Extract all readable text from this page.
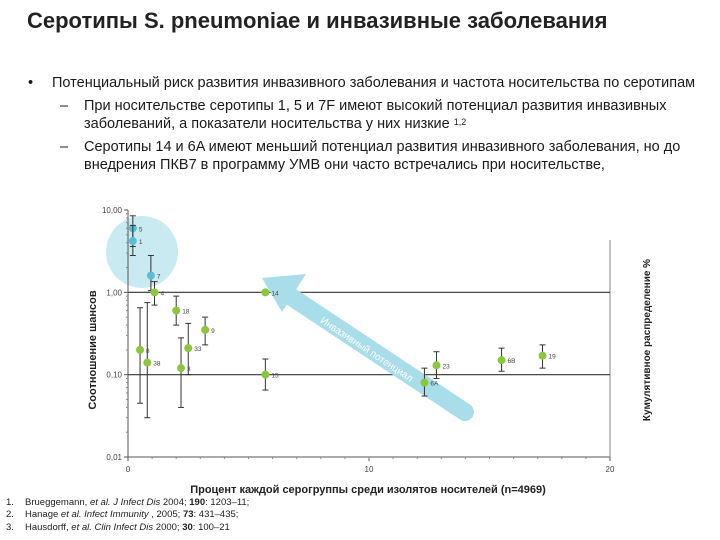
Серотипы S. pneumoniae и инвазивные заболевания
• Потенциальный риск развития инвазивного заболевания и частота носительства по серотипам
– При носительстве серотипы 1, 5 и 7F имеют высокий потенциал развития инвазивных заболеваний, а показатели носительства у них низкие $^{1,2}$
– Серотипы 14 и 6A имеют меньший потенциал развития инвазивного заболевания, но до внедрения ПКВ7 в программу УМВ они часто встречались при носительстве,
0,01
0,10
1,00
10,00
0	10	20
Процент каждой серогруппы среди изолятов носителей (n=4969)
Соотношение шансов	Кумулятивное распределение %
Инвазивный потенциал
5
1
7
4
18
9
8
38
33
3
14
15
6A
23
6B
19
1. Brueggemann, et al. J Infect Dis 2004; 190: 1203–11;
2. Hanage et al. Infect Immunity , 2005; 73: 431–435;
3. Hausdorff, et al. Clin Infect Dis 2000; 30: 100–21
